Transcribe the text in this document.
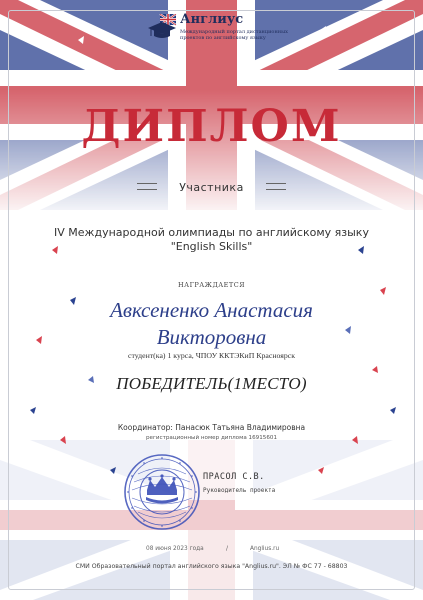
Англиус
Международный портал дистанционных проектов по английскому языку
ДИПЛОМ
Участника
IV Международной олимпиады по английскому языку
"English Skills"
НАГРАЖДАЕТСЯ
Авксененко Анастасия
Викторовна
студент(ка) 1 курса, ЧПОУ ККТЭКиП Красноярск
ПОБЕДИТЕЛЬ(1МЕСТО)
Координатор: Панасюк Татьяна Владимировна
регистрационный номер диплома 16915601
ПРАСОЛ С.В.
Руководитель проекта
08 июня 2023 года	/	Anglius.ru
СМИ Образовательный портал английского языка "Anglius.ru". ЭЛ № ФС 77 - 68803
